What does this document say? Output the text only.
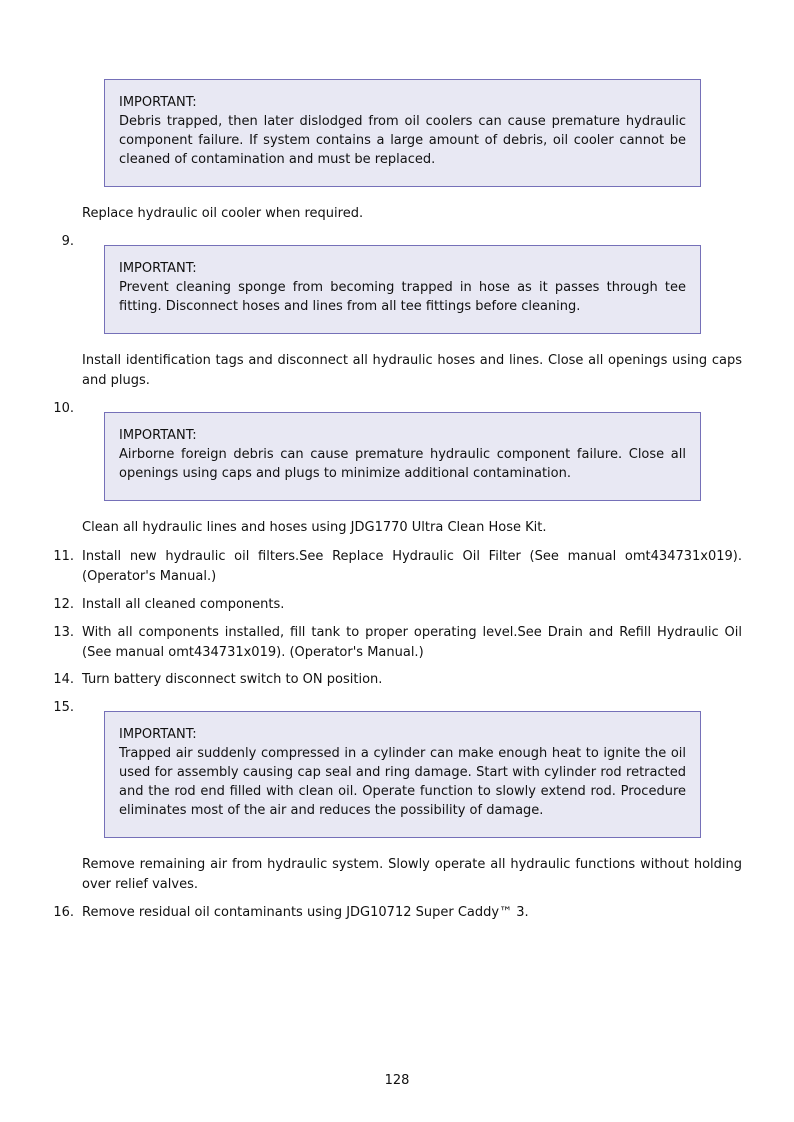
IMPORTANT:
Debris trapped, then later dislodged from oil coolers can cause premature hydraulic component failure. If system contains a large amount of debris, oil cooler cannot be cleaned of contamination and must be replaced.
Replace hydraulic oil cooler when required.
9.
IMPORTANT:
Prevent cleaning sponge from becoming trapped in hose as it passes through tee fitting. Disconnect hoses and lines from all tee fittings before cleaning.
Install identification tags and disconnect all hydraulic hoses and lines. Close all openings using caps and plugs.
10.
IMPORTANT:
Airborne foreign debris can cause premature hydraulic component failure. Close all openings using caps and plugs to minimize additional contamination.
Clean all hydraulic lines and hoses using JDG1770 Ultra Clean Hose Kit.
11. Install new hydraulic oil filters.See Replace Hydraulic Oil Filter (See manual omt434731x019). (Operator's Manual.)
12. Install all cleaned components.
13. With all components installed, fill tank to proper operating level.See Drain and Refill Hydraulic Oil (See manual omt434731x019). (Operator's Manual.)
14. Turn battery disconnect switch to ON position.
15.
IMPORTANT:
Trapped air suddenly compressed in a cylinder can make enough heat to ignite the oil used for assembly causing cap seal and ring damage. Start with cylinder rod retracted and the rod end filled with clean oil. Operate function to slowly extend rod. Procedure eliminates most of the air and reduces the possibility of damage.
Remove remaining air from hydraulic system. Slowly operate all hydraulic functions without holding over relief valves.
16. Remove residual oil contaminants using JDG10712 Super Caddy™ 3.
128
